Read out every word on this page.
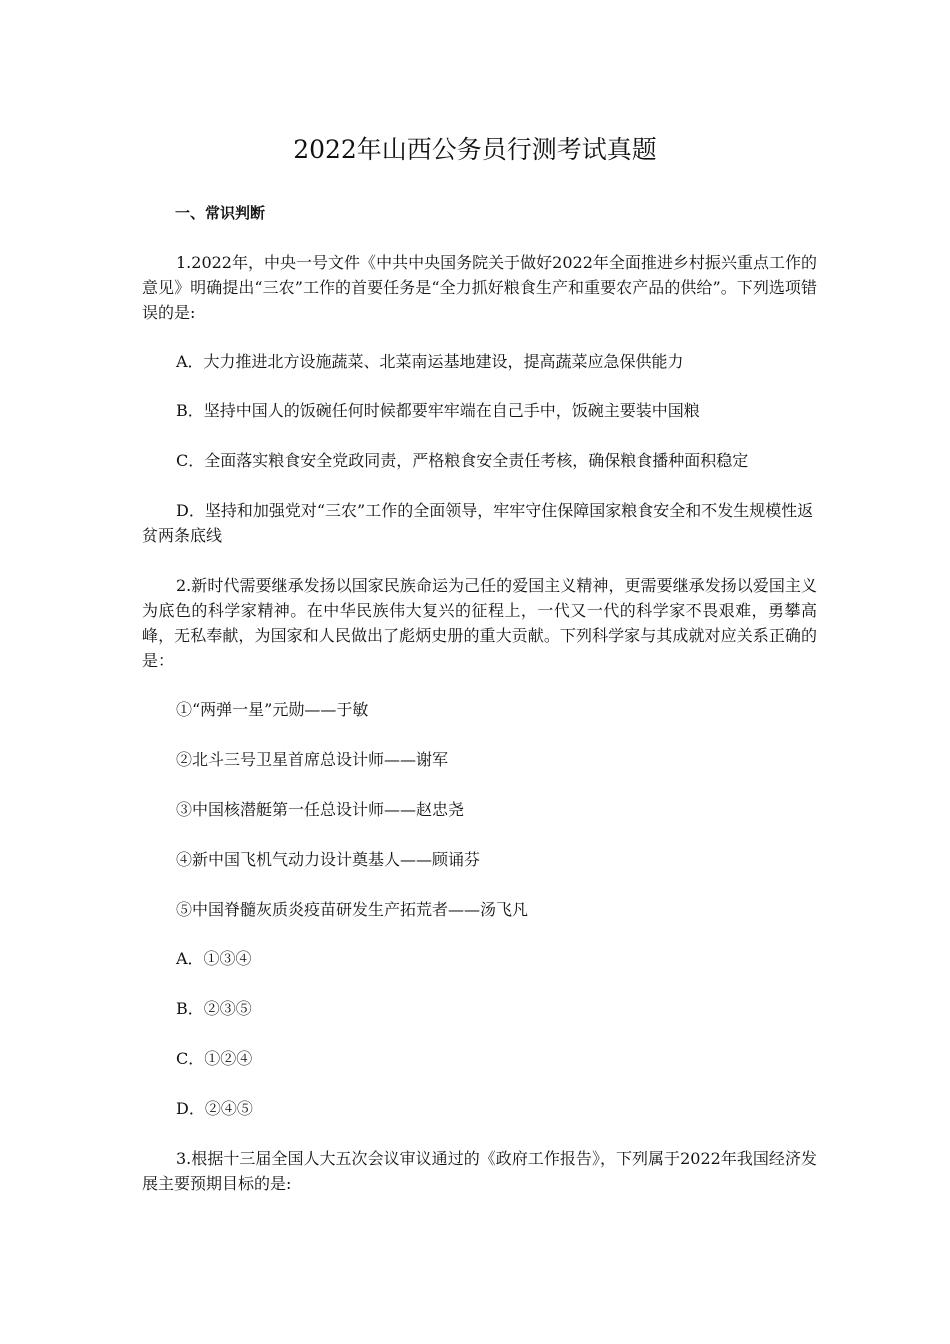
2022年山西公务员行测考试真题
一、常识判断

1.2022年，中央一号文件《中共中央国务院关于做好2022年全面推进乡村振兴重点工作的意见》明确提出“三农”工作的首要任务是“全力抓好粮食生产和重要农产品的供给”。下列选项错误的是:

A．大力推进北方设施蔬菜、北菜南运基地建设，提高蔬菜应急保供能力

B．坚持中国人的饭碗任何时候都要牢牢端在自己手中，饭碗主要装中国粮

C．全面落实粮食安全党政同责，严格粮食安全责任考核，确保粮食播种面积稳定

D．坚持和加强党对“三农”工作的全面领导，牢牢守住保障国家粮食安全和不发生规模性返贫两条底线

2.新时代需要继承发扬以国家民族命运为己任的爱国主义精神，更需要继承发扬以爱国主义为底色的科学家精神。在中华民族伟大复兴的征程上，一代又一代的科学家不畏艰难，勇攀高峰，无私奉献，为国家和人民做出了彪炳史册的重大贡献。下列科学家与其成就对应关系正确的是：

①“两弹一星”元勋——于敏

②北斗三号卫星首席总设计师——谢军

③中国核潜艇第一任总设计师——赵忠尧

④新中国飞机气动力设计奠基人——顾诵芬

⑤中国脊髓灰质炎疫苗研发生产拓荒者——汤飞凡

A．①③④

B．②③⑤

C．①②④

D．②④⑤

3.根据十三届全国人大五次会议审议通过的《政府工作报告》，下列属于2022年我国经济发展主要预期目标的是:
